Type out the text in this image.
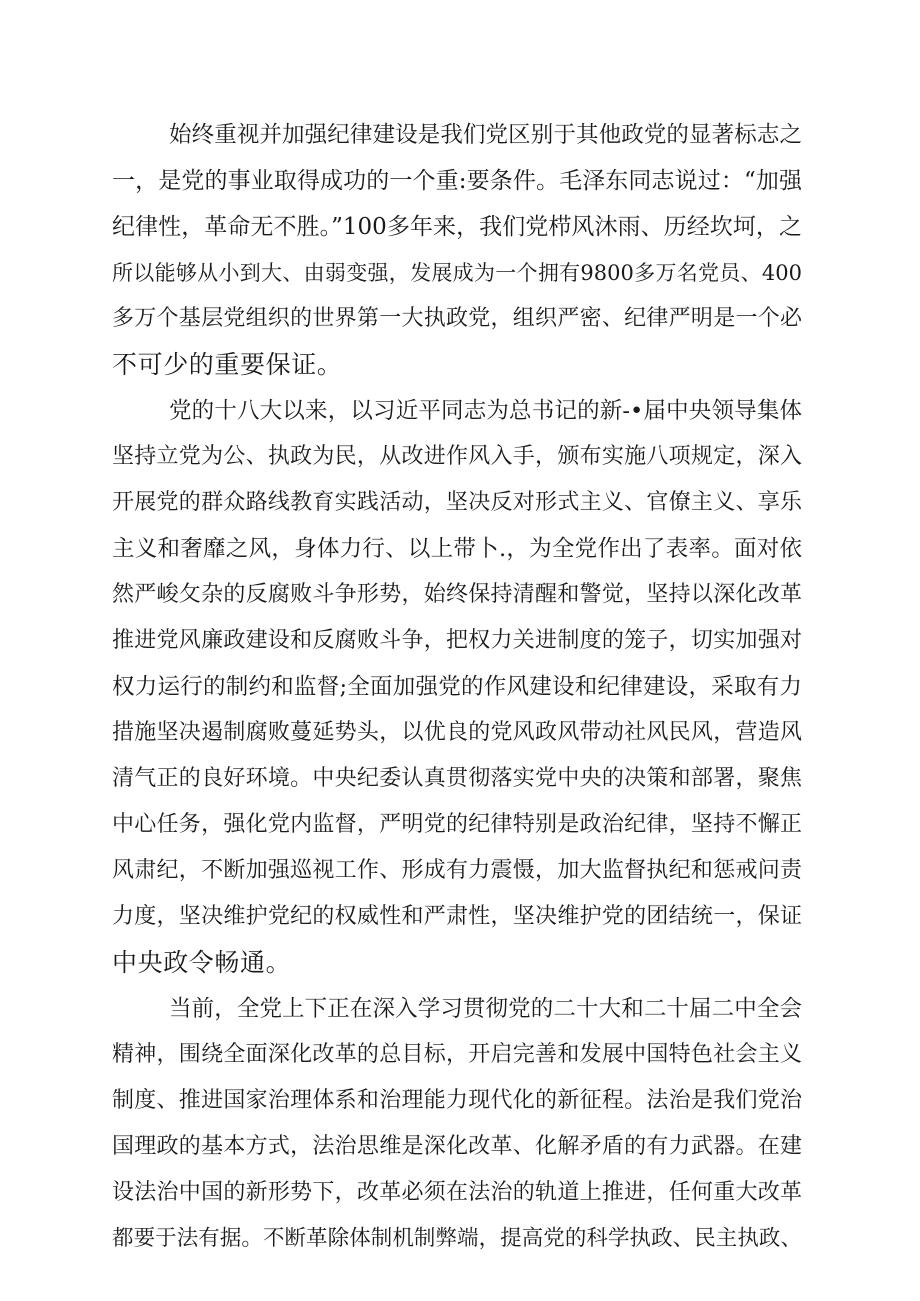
始终重视并加强纪律建设是我们党区别于其他政党的显著标志之
一，是党的事业取得成功的一个重:要条件。毛泽东同志说过：“加强
纪律性，革命无不胜。”100多年来，我们党栉风沐雨、历经坎坷，之
所以能够从小到大、由弱变强，发展成为一个拥有9800多万名党员、400
多万个基层党组织的世界第一大执政党，组织严密、纪律严明是一个必
不可少的重要保证。
党的十八大以来，以习近平同志为总书记的新-•届中央领导集体
坚持立党为公、执政为民，从改进作风入手，颁布实施八项规定，深入
开展党的群众路线教育实践活动，坚决反对形式主义、官僚主义、享乐
主义和奢靡之风，身体力行、以上带卜.，为全党作出了表率。面对依
然严峻攵杂的反腐败斗争形势，始终保持清醒和警觉，坚持以深化改革
推进党风廉政建设和反腐败斗争，把权力关进制度的笼子，切实加强对
权力运行的制约和监督;全面加强党的作风建设和纪律建设，采取有力
措施坚决遏制腐败蔓延势头，以优良的党风政风带动社风民风，营造风
清气正的良好环境。中央纪委认真贯彻落实党中央的决策和部署，聚焦
中心任务，强化党内监督，严明党的纪律特别是政治纪律，坚持不懈正
风肃纪，不断加强巡视工作、形成有力震慑，加大监督执纪和惩戒问责
力度，坚决维护党纪的权威性和严肃性，坚决维护党的团结统一，保证
中央政令畅通。
当前，全党上下正在深入学习贯彻党的二十大和二十届二中全会
精神，围绕全面深化改革的总目标，开启完善和发展中国特色社会主义
制度、推进国家治理体系和治理能力现代化的新征程。法治是我们党治
国理政的基本方式，法治思维是深化改革、化解矛盾的有力武器。在建
设法治中国的新形势下，改革必须在法治的轨道上推进，任何重大改革
都要于法有据。不断革除体制机制弊端，提高党的科学执政、民主执政、
